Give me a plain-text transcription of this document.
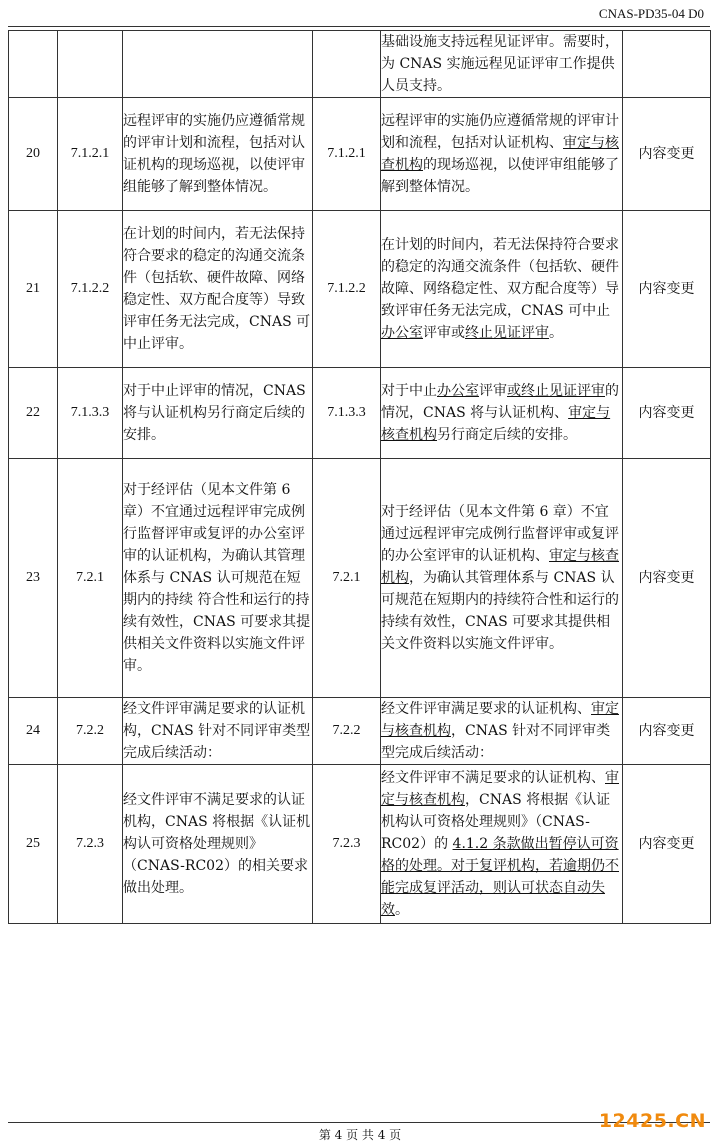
CNAS-PD35-04 D0
				基础设施支持远程见证评审。需要时，为 CNAS 实施远程见证评审工作提供人员支持。	
20	7.1.2.1	远程评审的实施仍应遵循常规的评审计划和流程，包括对认证机构的现场巡视，以使评审组能够了解到整体情况。	7.1.2.1	远程评审的实施仍应遵循常规的评审计划和流程，包括对认证机构、审定与核查机构的现场巡视，以使评审组能够了解到整体情况。	内容变更
21	7.1.2.2	在计划的时间内，若无法保持符合要求的稳定的沟通交流条件（包括软、硬件故障、网络稳定性、双方配合度等）导致评审任务无法完成，CNAS 可中止评审。	7.1.2.2	在计划的时间内，若无法保持符合要求的稳定的沟通交流条件（包括软、硬件故障、网络稳定性、双方配合度等）导致评审任务无法完成，CNAS 可中止办公室评审或终止见证评审。	内容变更
22	7.1.3.3	对于中止评审的情况，CNAS 将与认证机构另行商定后续的安排。	7.1.3.3	对于中止办公室评审或终止见证评审的情况，CNAS 将与认证机构、审定与核查机构另行商定后续的安排。	内容变更
23	7.2.1	对于经评估（见本文件第 6 章）不宜通过远程评审完成例行监督评审或复评的办公室评审的认证机构，为确认其管理体系与 CNAS 认可规范在短期内的持续 符合性和运行的持续有效性，CNAS 可要求其提供相关文件资料以实施文件评审。	7.2.1	对于经评估（见本文件第 6 章）不宜通过远程评审完成例行监督评审或复评的办公室评审的认证机构、审定与核查机构，为确认其管理体系与 CNAS 认可规范在短期内的持续符合性和运行的持续有效性，CNAS 可要求其提供相关文件资料以实施文件评审。	内容变更
24	7.2.2	经文件评审满足要求的认证机构，CNAS 针对不同评审类型完成后续活动：	7.2.2	经文件评审满足要求的认证机构、审定与核查机构，CNAS 针对不同评审类型完成后续活动：	内容变更
25	7.2.3	经文件评审不满足要求的认证机构，CNAS 将根据《认证机构认可资格处理规则》（CNAS-RC02）的相关要求做出处理。	7.2.3	经文件评审不满足要求的认证机构、审定与核查机构，CNAS 将根据《认证机构认可资格处理规则》（CNAS-RC02）的 4.1.2 条款做出暂停认可资格的处理。对于复评机构，若逾期仍不能完成复评活动，则认可状态自动失效。	内容变更
第 4 页 共 4 页
12425.CN
